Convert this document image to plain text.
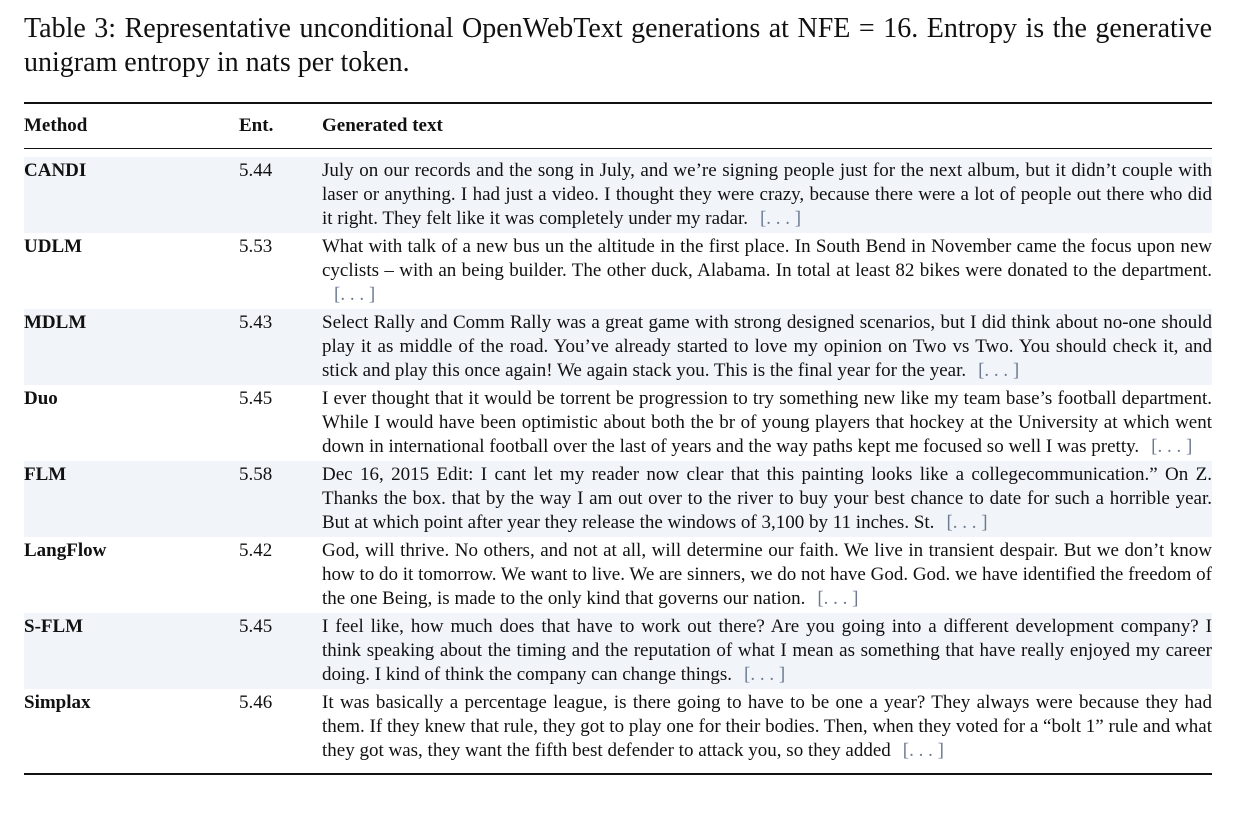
Table 3: Representative unconditional OpenWebText generations at NFE = 16. Entropy is the generative unigram entropy in nats per token.
Method	Ent.	Generated text
CANDI	5.44	July on our records and the song in July, and we’re signing people just for the next album, but it didn’t couple with laser or anything. I had just a video. I thought they were crazy, because there were a lot of people out there who did it right. They felt like it was completely under my radar. [. . . ]
UDLM	5.53	What with talk of a new bus un the altitude in the first place. In South Bend in November came the focus upon new cyclists – with an being builder. The other duck, Alabama. In total at least 82 bikes were donated to the department.[. . . ]
MDLM	5.43	Select Rally and Comm Rally was a great game with strong designed scenarios, but I did think about no-one should play it as middle of the road. You’ve already started to love my opinion on Two vs Two. You should check it, and stick and play this once again! We again stack you. This is the final year for the year. [. . . ]
Duo	5.45	I ever thought that it would be torrent be progression to try something new like my team base’s football department. While I would have been optimistic about both the br of young players that hockey at the University at which went down in international football over the last of years and the way paths kept me focused so well I was pretty. [. . . ]
FLM	5.58	Dec 16, 2015 Edit: I cant let my reader now clear that this painting looks like a collegecommunication.” On Z. Thanks the box. that by the way I am out over to the river to buy your best chance to date for such a horrible year. But at which point after year they release the windows of 3,100 by 11 inches. St. [. . . ]
LangFlow	5.42	God, will thrive. No others, and not at all, will determine our faith. We live in transient despair. But we don’t know how to do it tomorrow. We want to live. We are sinners, we do not have God. God. we have identified the freedom of the one Being, is made to the only kind that governs our nation. [. . . ]
S-FLM	5.45	I feel like, how much does that have to work out there? Are you going into a different development company? I think speaking about the timing and the reputation of what I mean as something that have really enjoyed my career doing. I kind of think the company can change things. [. . . ]
Simplax	5.46	It was basically a percentage league, is there going to have to be one a year? They always were because they had them. If they knew that rule, they got to play one for their bodies. Then, when they voted for a “bolt 1” rule and what they got was, they want the fifth best defender to attack you, so they added [. . . ]
